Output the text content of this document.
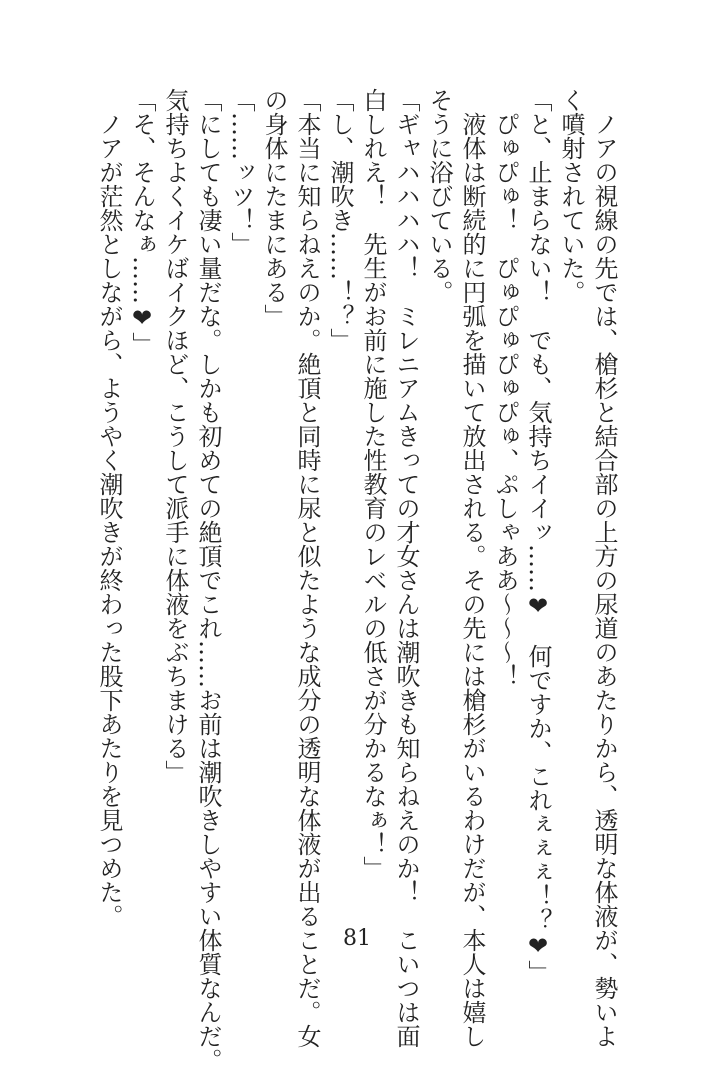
　ノアの視線の先では、槍杉と結合部の上方の尿道のあたりから、透明な体液が、勢いよ
く噴射されていた。
「と、止まらない！　でも、気持ちイイッ……❤　何ですか、これぇぇぇ！？❤」
　ぴゅぴゅ！　ぴゅぴゅぴゅぴゅ、ぷしゃああ〜〜〜！
　液体は断続的に円弧を描いて放出される。その先には槍杉がいるわけだが、本人は嬉し
そうに浴びている。
「ギャハハハハ！　ミレニアムきっての才女さんは潮吹きも知らねえのか！　こいつは面
白しれえ！　先生がお前に施した性教育のレベルの低さが分かるなぁ！」
「し、潮吹き……！？」
「本当に知らねえのか。絶頂と同時に尿と似たような成分の透明な体液が出ることだ。女
の身体にたまにある」
「……ッツ！」
「にしても凄い量だな。しかも初めての絶頂でこれ……お前は潮吹きしやすい体質なんだ。
気持ちよくイケばイクほど、こうして派手に体液をぶちまける」
「そ、そんなぁ……❤」
　ノアが茫然としながら、ようやく潮吹きが終わった股下あたりを見つめた。
81
